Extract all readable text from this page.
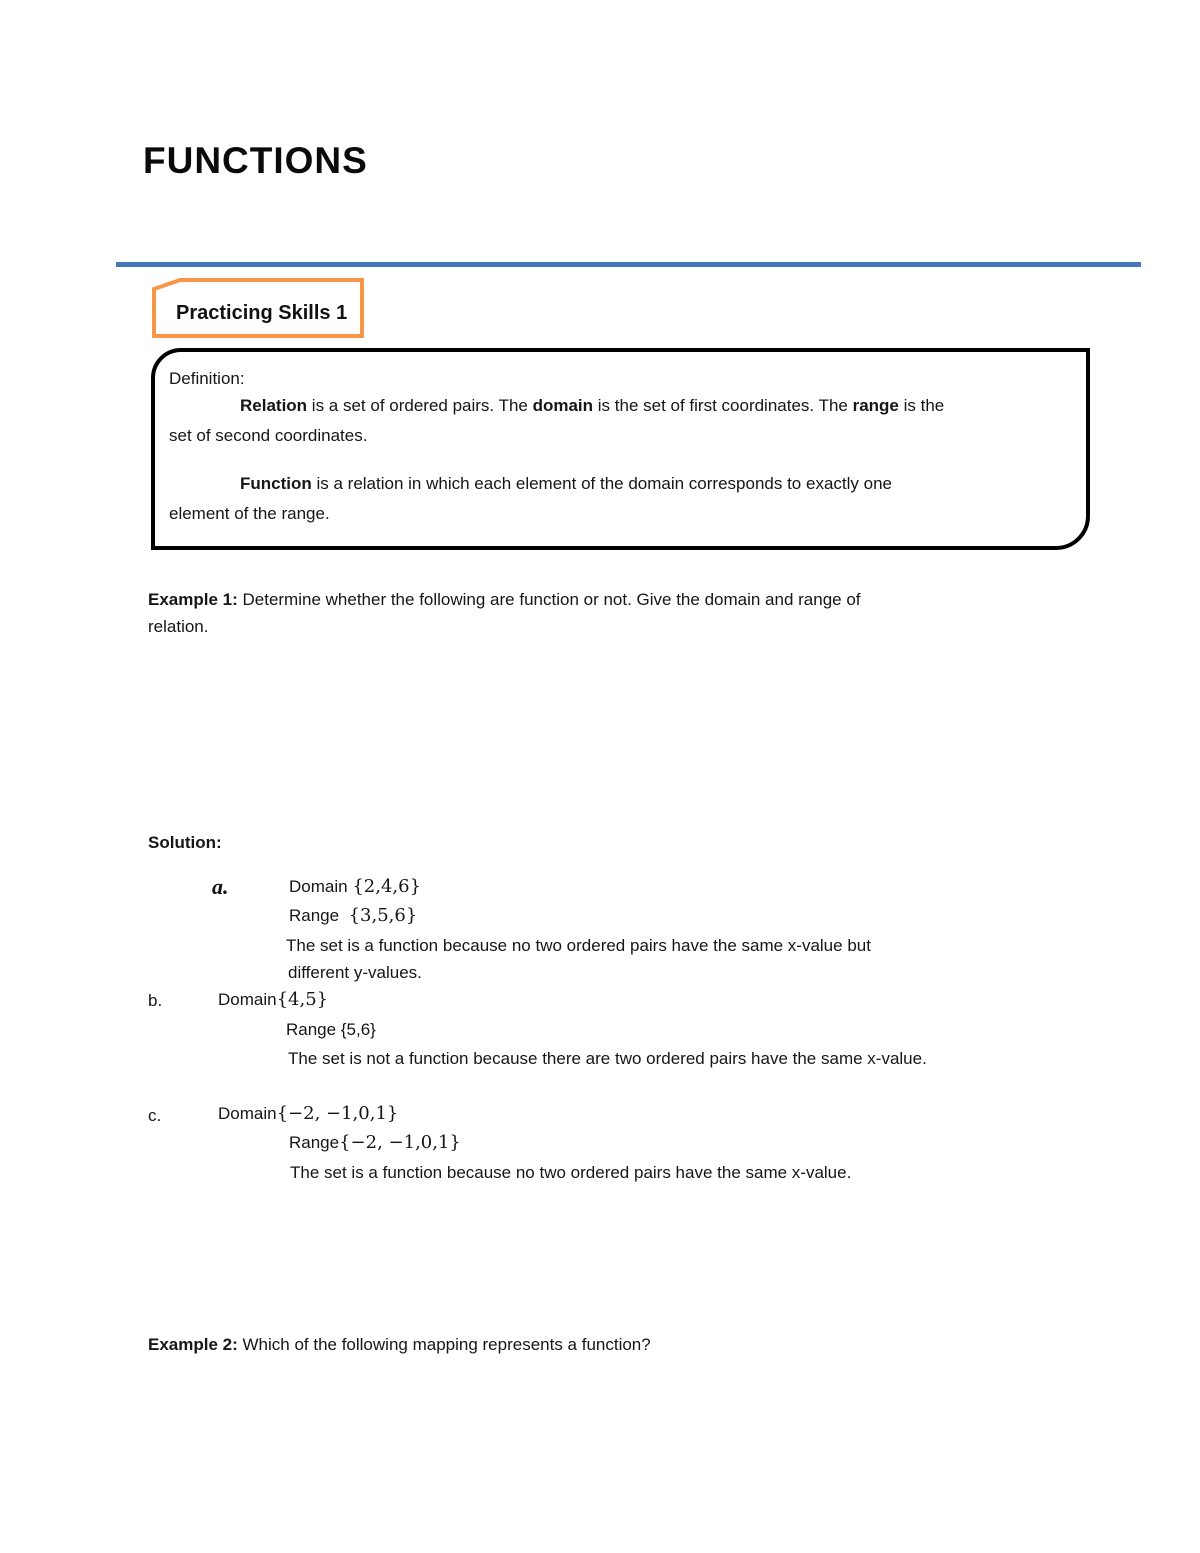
FUNCTIONS
Practicing Skills 1
Definition:
Relation is a set of ordered pairs. The domain is the set of first coordinates. The range is the
set of second coordinates.
Function is a relation in which each element of the domain corresponds to exactly one
element of the range.
Example 1: Determine whether the following are function or not. Give the domain and range of
relation.
Solution:
a.	Domain {2,4,6}
Range {3,5,6}
The set is a function because no two ordered pairs have the same x-value but
different y-values.
b.	Domain{4,5}
Range {5,6}
The set is not a function because there are two ordered pairs have the same x-value.
c.	Domain{−2, −1,0,1}
Range{−2, −1,0,1}
The set is a function because no two ordered pairs have the same x-value.
Example 2: Which of the following mapping represents a function?
